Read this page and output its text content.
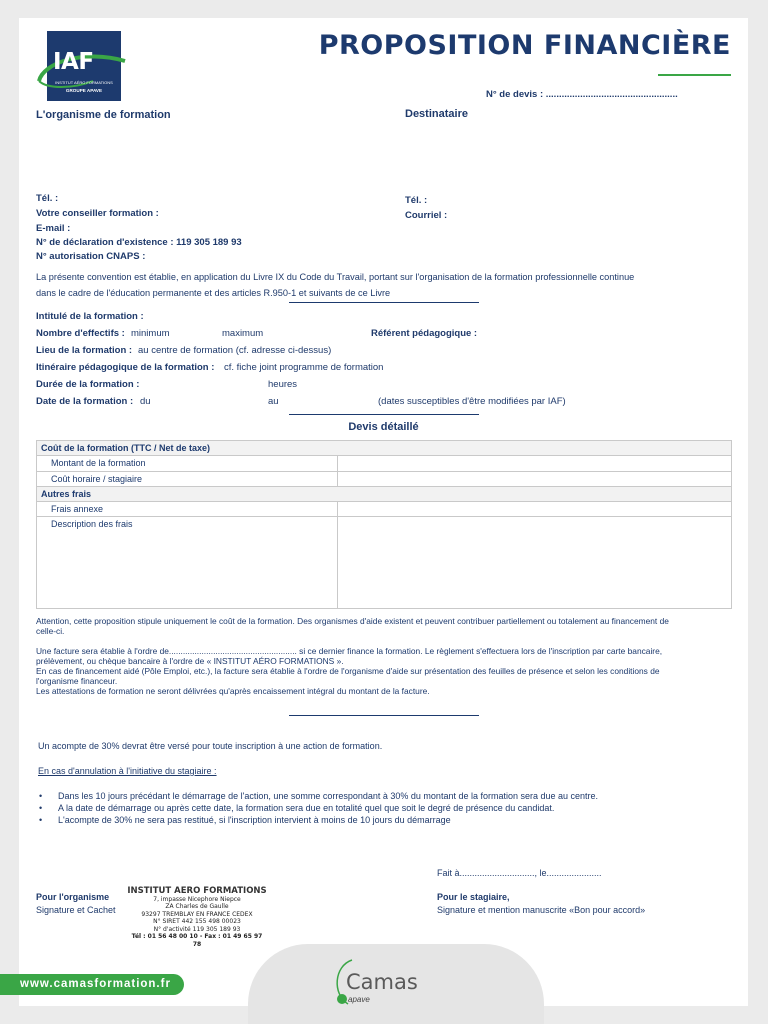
IAF
INSTITUT AÉRO FORMATIONS
GROUPE APAVE
PROPOSITION FINANCIÈRE
N° de devis : ..................................................
L'organisme de formation	Destinataire
Tél. :
Votre conseiller formation :
E-mail :
N° de déclaration d'existence : 119 305 189 93
N° autorisation CNAPS :
Tél. :
Courriel :
La présente convention est établie, en application du Livre IX du Code du Travail, portant sur l'organisation de la formation professionnelle continue
dans le cadre de l'éducation permanente et des articles R.950-1 et suivants de ce Livre
Intitulé de la formation :
Nombre d'effectifs : minimum	maximum	Référent pédagogique :
Lieu de la formation : au centre de formation (cf. adresse ci-dessus)
Itinéraire pédagogique de la formation : cf. fiche joint programme de formation
Durée de la formation :	heures
Date de la formation : du	au	(dates susceptibles d'être modifiées par IAF)
Devis détaillé
Coût de la formation (TTC / Net de taxe)	
Montant de la formation	
Coût horaire / stagiaire	
Autres frais	
Frais annexe	
Description des frais	
Attention, cette proposition stipule uniquement le coût de la formation. Des organismes d'aide existent et peuvent contribuer partiellement ou totalement au financement de
celle-ci.
Une facture sera établie à l'ordre de....................................................... si ce dernier finance la formation. Le règlement s'effectuera lors de l'inscription par carte bancaire,
prélèvement, ou chèque bancaire à l'ordre de « INSTITUT AÉRO FORMATIONS ».
En cas de financement aidé (Pôle Emploi, etc.), la facture sera établie à l'ordre de l'organisme d'aide sur présentation des feuilles de présence et selon les conditions de
l'organisme financeur.
Les attestations de formation ne seront délivrées qu'après encaissement intégral du montant de la facture.
Un acompte de 30% devrat être versé pour toute inscription à une action de formation.
En cas d'annulation à l'initiative du stagiaire :
• Dans les 10 jours précédant le démarrage de l'action, une somme correspondant à 30% du montant de la formation sera due au centre.
• A la date de démarrage ou après cette date, la formation sera due en totalité quel que soit le degré de présence du candidat.
• L'acompte de 30% ne sera pas restitué, si l'inscription intervient à moins de 10 jours du démarrage
Fait à.............................., le......................
Pour l'organisme
Signature et Cachet
Pour le stagiaire,
Signature et mention manuscrite «Bon pour accord»
INSTITUT AERO FORMATIONS
7, impasse Nicephore Niepce
ZA Charles de Gaulle
93297 TREMBLAY EN FRANCE CEDEX
N° SIRET 442 155 498 00023
N° d'activité 119 305 189 93
Tél : 01 56 48 00 10 - Fax : 01 49 65 97 78
www.camasformation.fr	Camas
apave
